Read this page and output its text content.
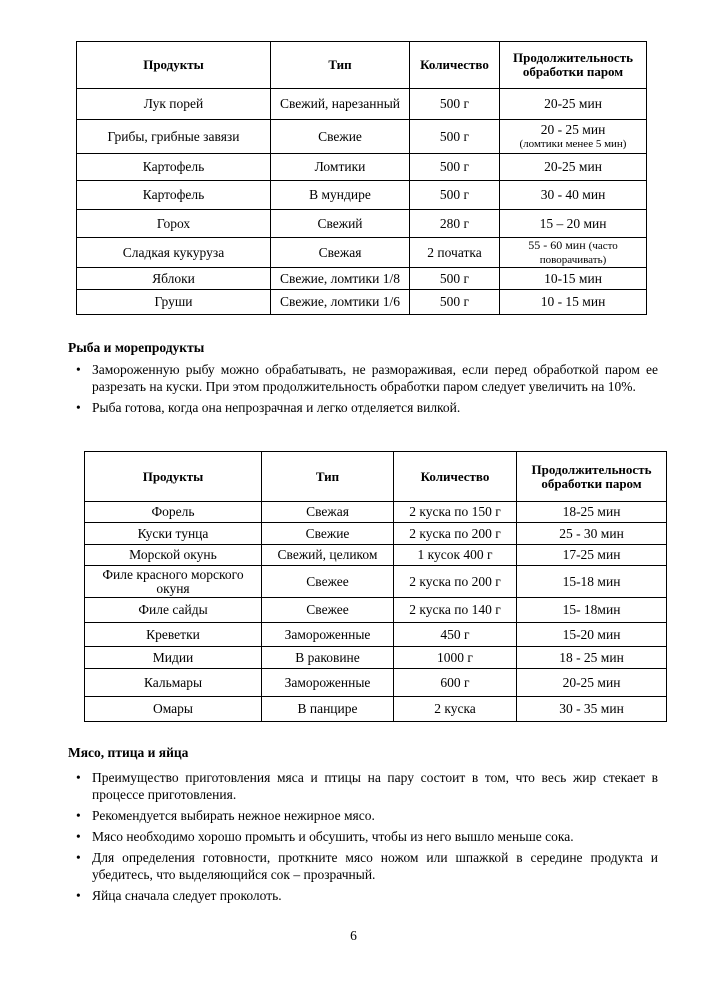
Продукты	Тип	Количество	Продолжительность обработки паром
Лук порей	Свежий, нарезанный	500 г	20-25 мин
Грибы, грибные завязи	Свежие	500 г	20 - 25 мин
(ломтики менее 5 мин)

Картофель	Ломтики	500 г	20-25 мин
Картофель	В мундире	500 г	30 - 40 мин
Горох	Свежий	280 г	15 – 20 мин
Сладкая кукуруза	Свежая	2 початка	55 - 60 мин (часто поворачивать)
Яблоки	Свежие, ломтики 1/8	500 г	10-15 мин
Груши	Свежие, ломтики 1/6	500 г	10 - 15 мин
Рыба и морепродукты
• Замороженную рыбу можно обрабатывать, не размораживая, если перед обработкой паром ее разрезать на куски. При этом продолжительность обработки паром следует увеличить на 10%.
• Рыба готова, когда она непрозрачная и легко отделяется вилкой.
Продукты	Тип	Количество	Продолжительность обработки паром
Форель	Свежая	2 куска по 150 г	18-25 мин
Куски тунца	Свежие	2 куска по 200 г	25 - 30 мин
Морской окунь	Свежий, целиком	1 кусок 400 г	17-25 мин
Филе красного морского окуня	Свежее	2 куска по 200 г	15-18 мин
Филе сайды	Свежее	2 куска по 140 г	15- 18мин
Креветки	Замороженные	450 г	15-20 мин
Мидии	В раковине	1000 г	18 - 25 мин
Кальмары	Замороженные	600 г	20-25 мин
Омары	В панцире	2 куска	30 - 35 мин
Мясо, птица и яйца
• Преимущество приготовления мяса и птицы на пару состоит в том, что весь жир стекает в процессе приготовления.
• Рекомендуется выбирать нежное нежирное мясо.
• Мясо необходимо хорошо промыть и обсушить, чтобы из него вышло меньше сока.
• Для определения готовности, проткните мясо ножом или шпажкой в середине продукта и убедитесь, что выделяющийся сок – прозрачный.
• Яйца сначала следует проколоть.
6
